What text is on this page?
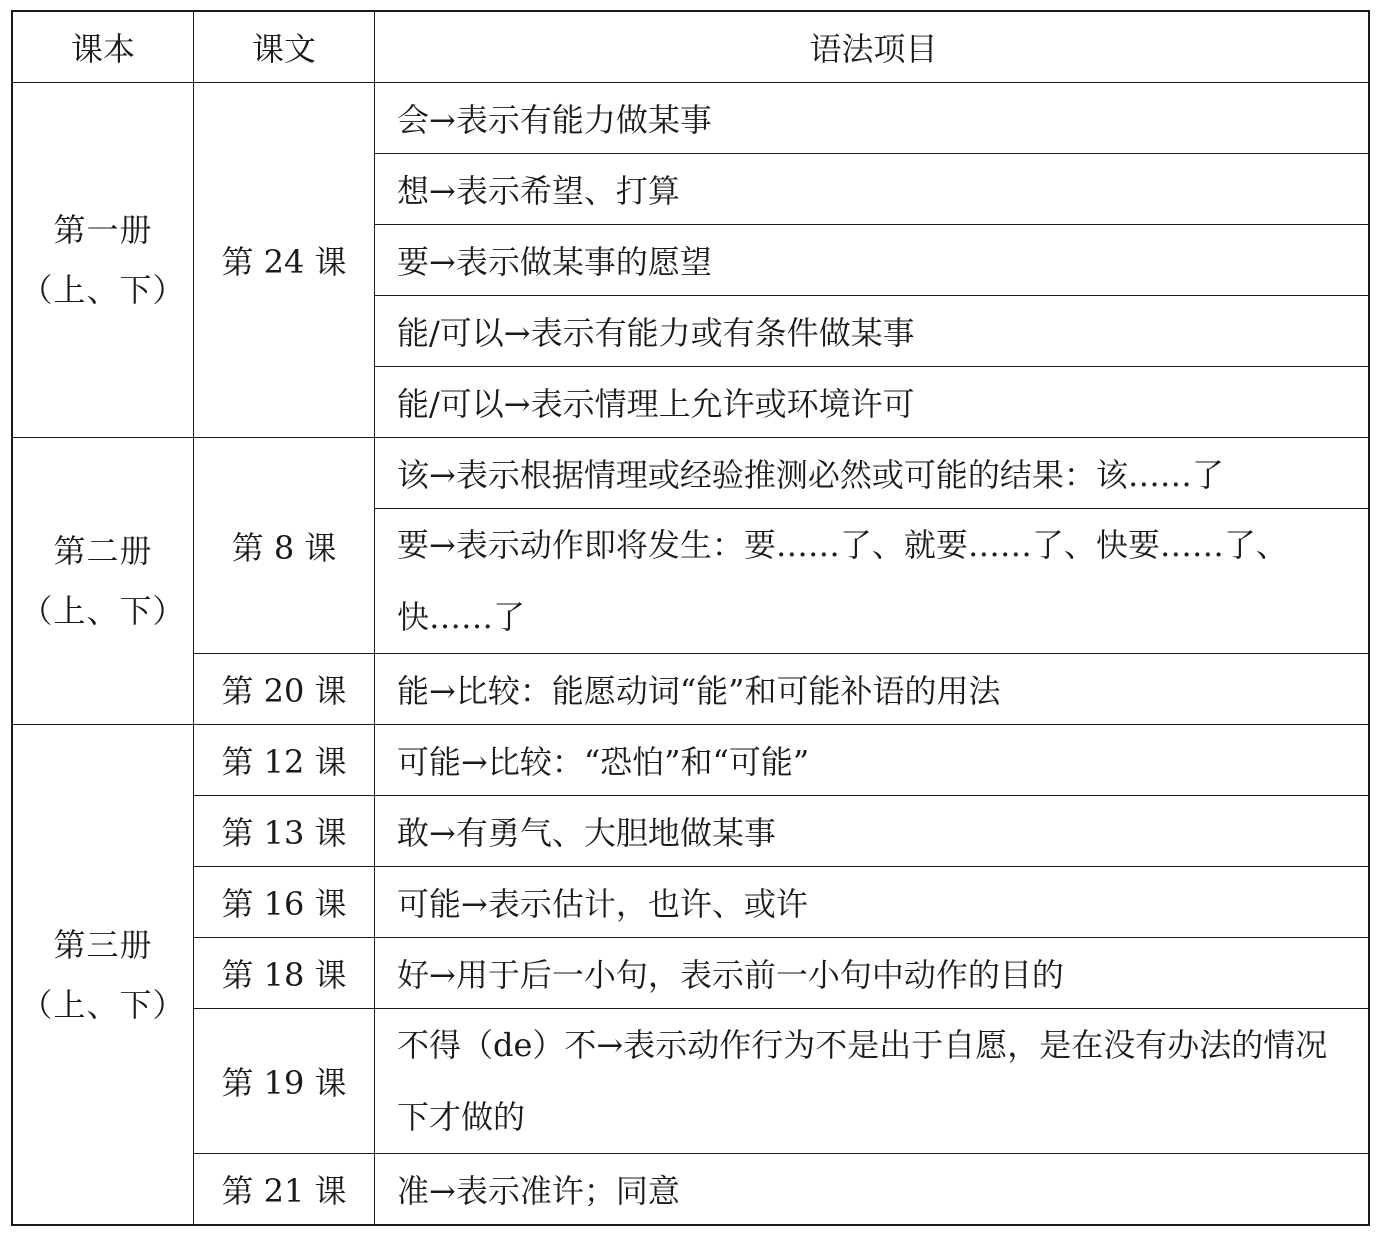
课本	课文	语法项目

第一册
（上、下）	第 24 课	会→表示有能力做某事
		想→表示希望、打算
		要→表示做某事的愿望
		能/可以→表示有能力或有条件做某事
		能/可以→表示情理上允许或环境许可

第二册
（上、下）	第 8 课	该→表示根据情理或经验推测必然或可能的结果：该……了
		要→表示动作即将发生：要……了、就要……了、快要……了、快……了
	第 20 课	能→比较：能愿动词“能”和可能补语的用法

第三册
（上、下）	第 12 课	可能→比较：“恐怕”和“可能”
	第 13 课	敢→有勇气、大胆地做某事
	第 16 课	可能→表示估计，也许、或许
	第 18 课	好→用于后一小句，表示前一小句中动作的目的
	第 19 课	不得（de）不→表示动作行为不是出于自愿，是在没有办法的情况下才做的
	第 21 课	准→表示准许；同意
